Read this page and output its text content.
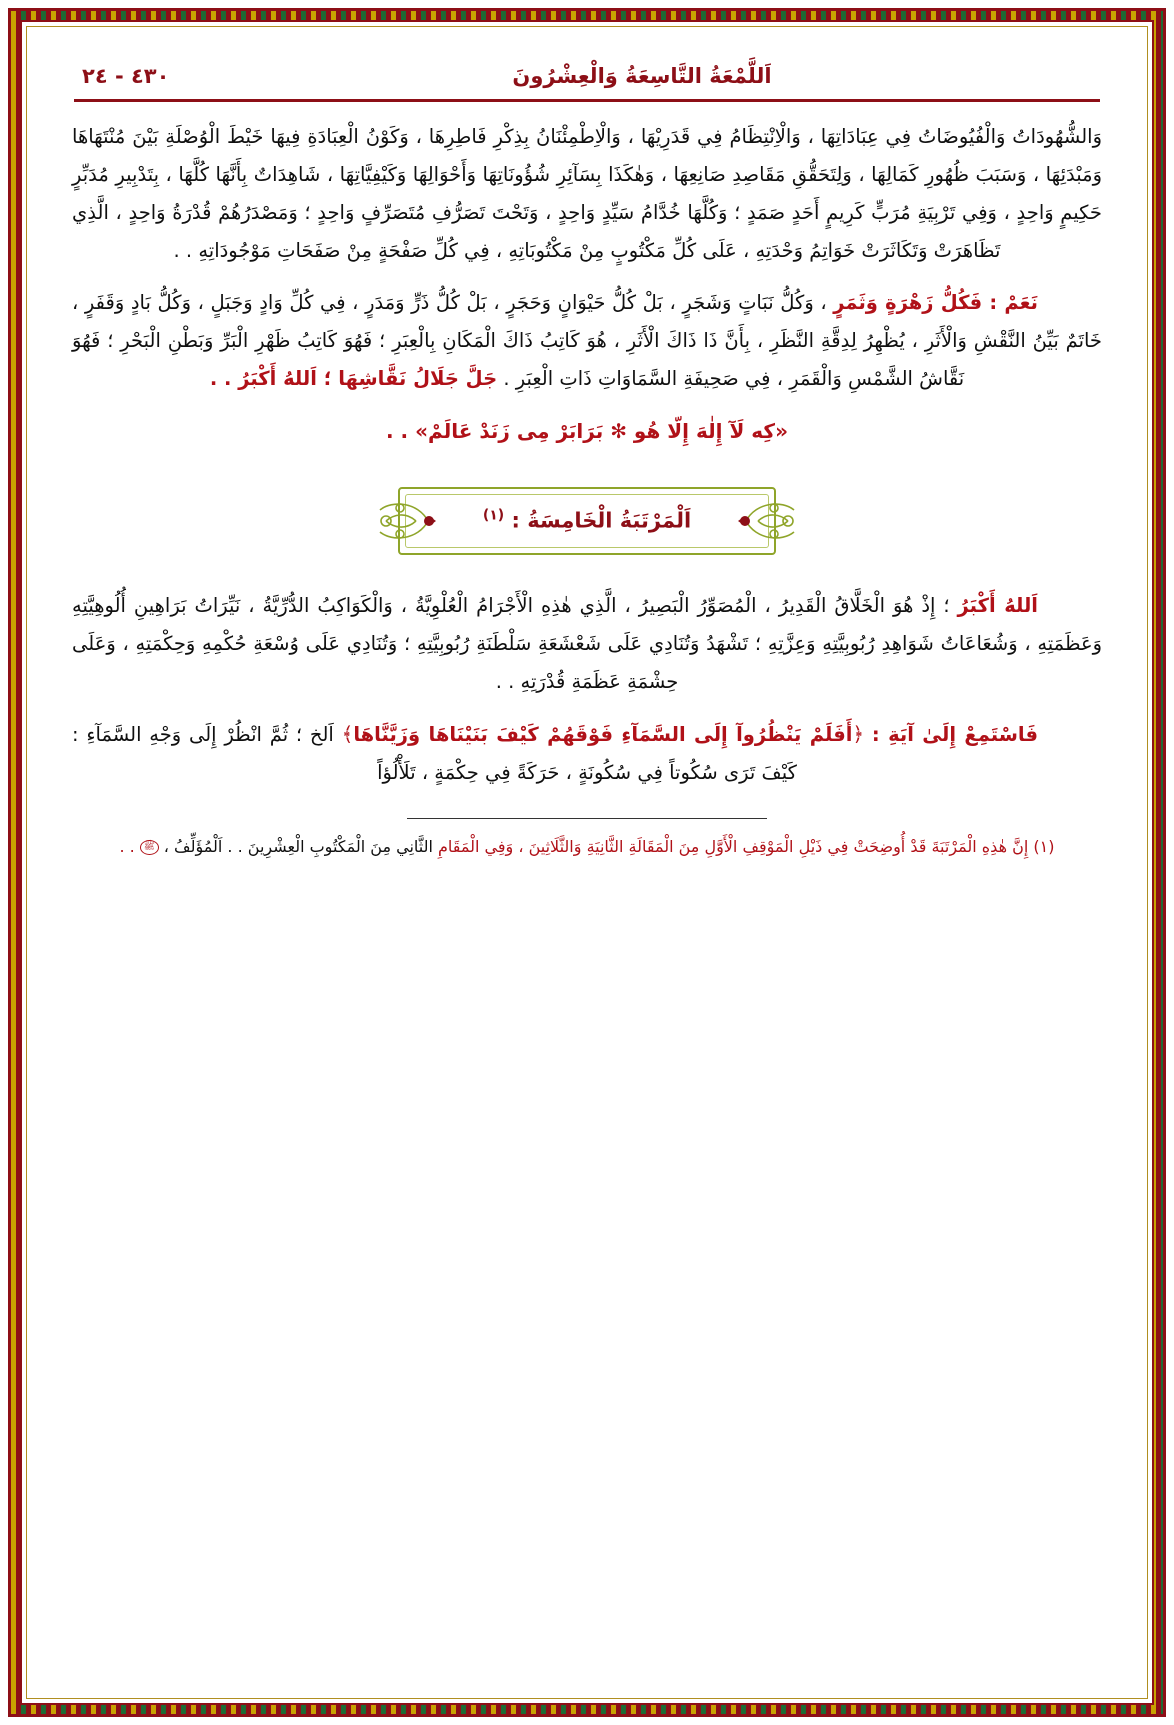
اَللَّمْعَةُ التَّاسِعَةُ وَالْعِشْرُونَ
٤٣٠ - ٢٤

وَالشُّهُودَاتُ وَالْفُيُوضَاتُ فِي عِبَادَاتِهَا ، وَالْاِنْتِظَامُ فِي قَدَرِيْهَا ، وَالْاِطْمِئْنَانُ بِذِكْرِ فَاطِرِهَا ، وَكَوْنُ الْعِبَادَةِ فِيهَا خَيْطَ الْوُصْلَةِ بَيْنَ مُنْتَهَاهَا وَمَبْدَئِهَا ، وَسَبَبَ ظُهُورِ كَمَالِهَا ، وَلِتَحَقُّقِ مَقَاصِدِ صَانِعِهَا ، وَهٰكَذَا بِسَآئِرِ شُؤُونَاتِهَا وَأَحْوَالِهَا وَكَيْفِيَّاتِهَا ، شَاهِدَاتٌ بِأَنَّهَا كُلَّهَا ، بِتَدْبِيرِ مُدَبِّرٍ حَكِيمٍ وَاحِدٍ ، وَفِي تَرْبِيَةِ مُرَبٍّ كَرِيمٍ أَحَدٍ صَمَدٍ ؛ وَكُلَّهَا خُدَّامُ سَيِّدٍ وَاحِدٍ ، وَتَحْتَ تَصَرُّفِ مُتَصَرِّفٍ وَاحِدٍ ؛ وَمَصْدَرُهُمْ قُدْرَةُ وَاحِدٍ ، الَّذِي تَظَاهَرَتْ وَتَكَاثَرَتْ خَوَاتِمُ وَحْدَتِهِ ، عَلَى كُلِّ مَكْتُوبٍ مِنْ مَكْتُوبَاتِهِ ، فِي كُلِّ صَفْحَةٍ مِنْ صَفَحَاتِ مَوْجُودَاتِهِ . .

نَعَمْ : فَكُلُّ زَهْرَةٍ وَثَمَرٍ ، وَكُلُّ نَبَاتٍ وَشَجَرٍ ، بَلْ كُلُّ حَيْوَانٍ وَحَجَرٍ ، بَلْ كُلُّ ذَرٍّ وَمَدَرٍ ، فِي كُلِّ وَادٍ وَجَبَلٍ ، وَكُلُّ بَادٍ وَقَفَرٍ ، خَاتَمٌ بَيِّنُ النَّقْشِ وَالْأَثَرِ ، يُظْهِرُ لِدِقَّةِ النَّظَرِ ، بِأَنَّ ذَا ذَاكَ الْأَثَرِ ، هُوَ كَاتِبُ ذَاكَ الْمَكَانِ بِالْعِبَرِ ؛ فَهُوَ كَاتِبُ ظَهْرِ الْبَرِّ وَبَطْنِ الْبَحْرِ ؛ فَهُوَ نَقَّاشُ الشَّمْسِ وَالْقَمَرِ ، فِي صَحِيفَةِ السَّمَاوَاتِ ذَاتِ الْعِبَرِ . جَلَّ جَلَالُ نَقَّاشِهَا ؛ اَللهُ أَكْبَرُ . .

«كِه لَآ إِلٰهَ إِلّا هُو ✻ بَرَابَرْ مِى زَنَدْ عَالَمْ» . .

اَلْمَرْتَبَةُ الْخَامِسَةُ : $^{(١)}$

اَللهُ أَكْبَرُ ؛ إِذْ هُوَ الْخَلَّاقُ الْقَدِيرُ ، الْمُصَوِّرُ الْبَصِيرُ ، الَّذِي هٰذِهِ الْأَجْرَامُ الْعُلْوِيَّةُ ، وَالْكَوَاكِبُ الدُّرِّيَّةُ ، نَيِّرَاتُ بَرَاهِينِ أُلُوهِيَّتِهِ وَعَظَمَتِهِ ، وَشُعَاعَاتُ شَوَاهِدِ رُبُوبِيَّتِهِ وَعِزَّتِهِ ؛ تَشْهَدُ وَتُنَادِي عَلَى شَعْشَعَةِ سَلْطَنَةِ رُبُوبِيَّتِهِ ؛ وَتُنَادِي عَلَى وُسْعَةِ حُكْمِهِ وَحِكْمَتِهِ ، وَعَلَى حِشْمَةِ عَظَمَةِ قُدْرَتِهِ . .

فَاسْتَمِعْ إِلَىٰ آيَةِ : ﴿أَفَلَمْ يَنْظُرُوآ إِلَى السَّمَآءِ فَوْقَهُمْ كَيْفَ بَنَيْنَاهَا وَزَيَّنَّاهَا﴾ اَلخ ؛ ثُمَّ انْظُرْ إِلَى وَجْهِ السَّمَآءِ : كَيْفَ تَرَى سُكُوتاً فِي سُكُونَةٍ ، حَرَكَةً فِي حِكْمَةٍ ، تَلَأْلُؤاً

(١) إِنَّ هٰذِهِ الْمَرْتَبَةَ قَدْ أُوضِحَتْ فِي ذَيْلِ الْمَوْقِفِ الْأَوَّلِ مِنَ الْمَقَالَةِ الثَّانِيَةِ وَالثَّلَاثِينَ ، وَفِي الْمَقَامِ الثَّانِي مِنَ الْمَكْتُوبِ الْعِشْرِينَ . . اَلْمُؤَلِّفُ ، ﷺ . .
